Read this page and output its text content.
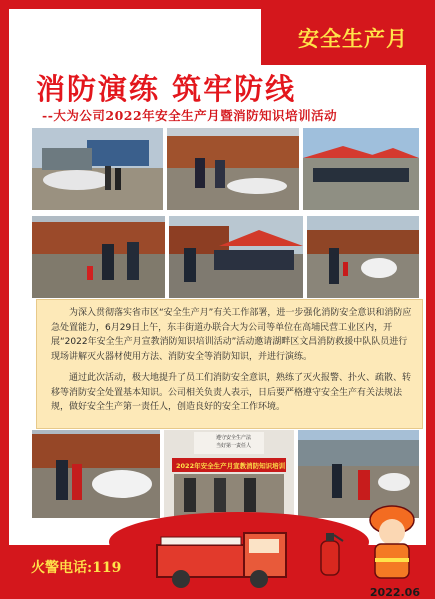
安全生产月
消防演练 筑牢防线
--大为公司2022年安全生产月暨消防知识培训活动
为深入贯彻落实省市区“安全生产月”有关工作部署，进一步强化消防安全意识和消防应急处置能力，6月29日上午，东丰街道办联合大为公司等单位在高埔民营工业区内，开展“2022年安全生产月宣教消防知识培训活动”活动邀请湖畔区文昌消防救援中队队员进行现场讲解灭火器材使用方法、消防安全等消防知识，并进行演练。
通过此次活动，极大地提升了员工们消防安全意识，熟练了灭火报警、扑火、疏散、转移等消防安全处置基本知识。公司相关负责人表示，日后要严格遵守安全生产有关法规法规，做好安全生产第一责任人，创造良好的安全工作环境。
遵守安全生产法
当好第一责任人
2022年安全生产月宣教消防知识培训
火警电话:119
2022.06
